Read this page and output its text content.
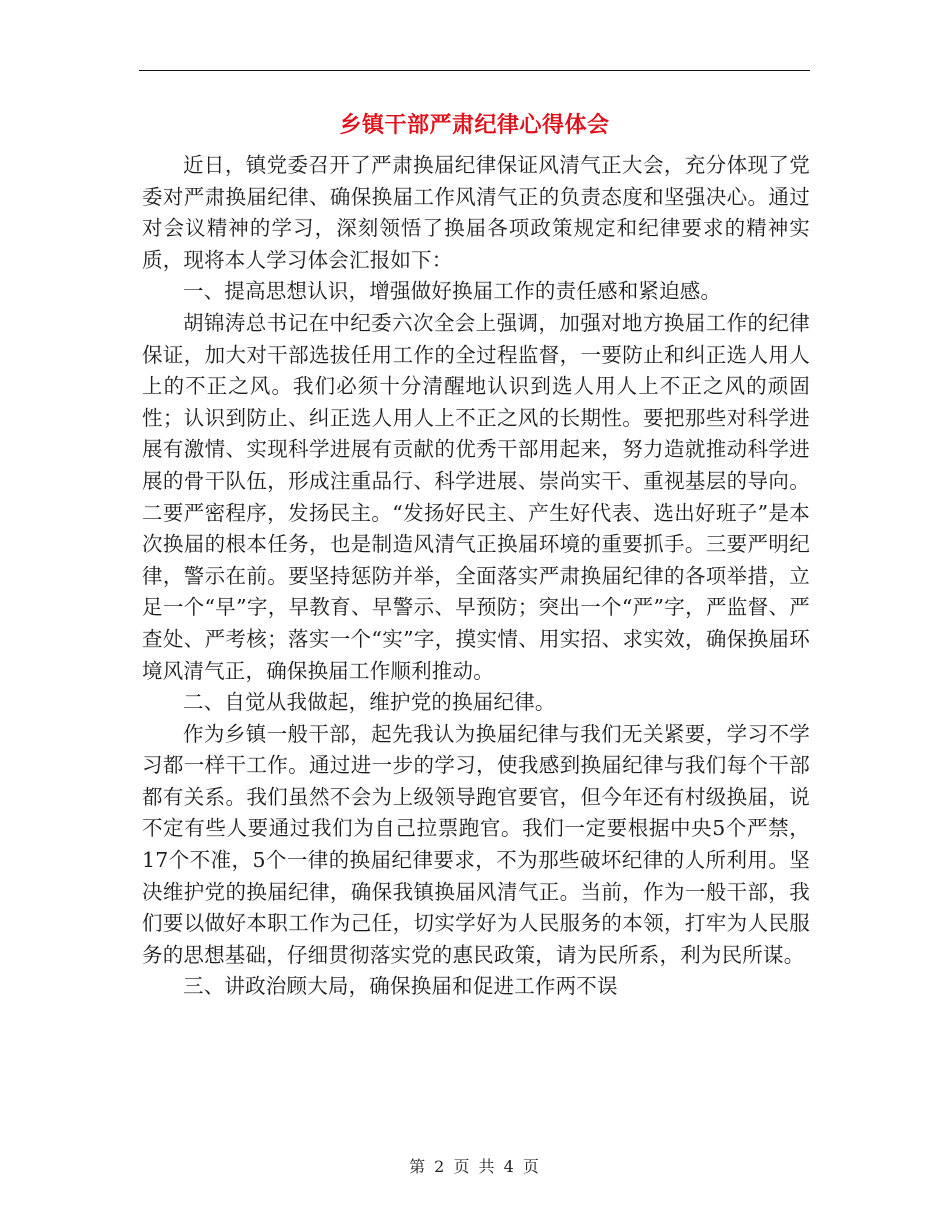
乡镇干部严肃纪律心得体会

近日，镇党委召开了严肃换届纪律保证风清气正大会，充分体现了党委对严肃换届纪律、确保换届工作风清气正的负责态度和坚强决心。通过对会议精神的学习，深刻领悟了换届各项政策规定和纪律要求的精神实质，现将本人学习体会汇报如下：

一、提高思想认识，增强做好换届工作的责任感和紧迫感。

胡锦涛总书记在中纪委六次全会上强调，加强对地方换届工作的纪律保证，加大对干部选拔任用工作的全过程监督，一要防止和纠正选人用人上的不正之风。我们必须十分清醒地认识到选人用人上不正之风的顽固性；认识到防止、纠正选人用人上不正之风的长期性。要把那些对科学进展有激情、实现科学进展有贡献的优秀干部用起来，努力造就推动科学进展的骨干队伍，形成注重品行、科学进展、崇尚实干、重视基层的导向。二要严密程序，发扬民主。“发扬好民主、产生好代表、选出好班子”是本次换届的根本任务，也是制造风清气正换届环境的重要抓手。三要严明纪律，警示在前。要坚持惩防并举，全面落实严肃换届纪律的各项举措，立足一个“早”字，早教育、早警示、早预防；突出一个“严”字，严监督、严查处、严考核；落实一个“实”字，摸实情、用实招、求实效，确保换届环境风清气正，确保换届工作顺利推动。

二、自觉从我做起，维护党的换届纪律。

作为乡镇一般干部，起先我认为换届纪律与我们无关紧要，学习不学习都一样干工作。通过进一步的学习，使我感到换届纪律与我们每个干部都有关系。我们虽然不会为上级领导跑官要官，但今年还有村级换届，说不定有些人要通过我们为自己拉票跑官。我们一定要根据中央5个严禁，17个不准，5个一律的换届纪律要求，不为那些破坏纪律的人所利用。坚决维护党的换届纪律，确保我镇换届风清气正。当前，作为一般干部，我们要以做好本职工作为己任，切实学好为人民服务的本领，打牢为人民服务的思想基础，仔细贯彻落实党的惠民政策，请为民所系，利为民所谋。

三、讲政治顾大局，确保换届和促进工作两不误

第 2 页 共 4 页
